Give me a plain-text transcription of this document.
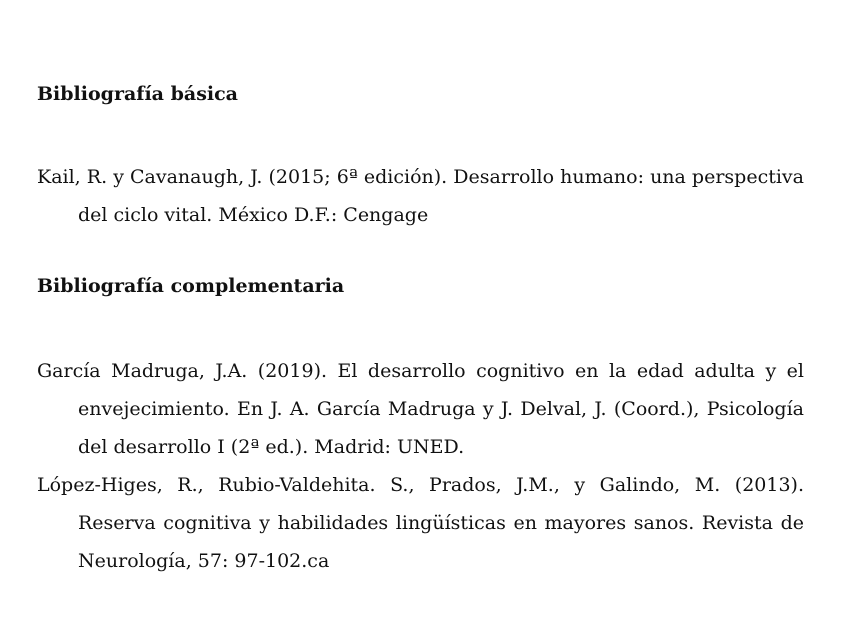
Bibliografía básica

Kail, R. y Cavanaugh, J. (2015; 6ª edición). Desarrollo humano: una perspectiva del ciclo vital. México D.F.: Cengage

Bibliografía complementaria

García Madruga, J.A. (2019). El desarrollo cognitivo en la edad adulta y el envejecimiento. En J. A. García Madruga y J. Delval, J. (Coord.), Psicología del desarrollo I (2ª ed.). Madrid: UNED.

López-Higes, R., Rubio-Valdehita. S., Prados, J.M., y Galindo, M. (2013). Reserva cognitiva y habilidades lingüísticas en mayores sanos. Revista de Neurología, 57: 97-102.ca
